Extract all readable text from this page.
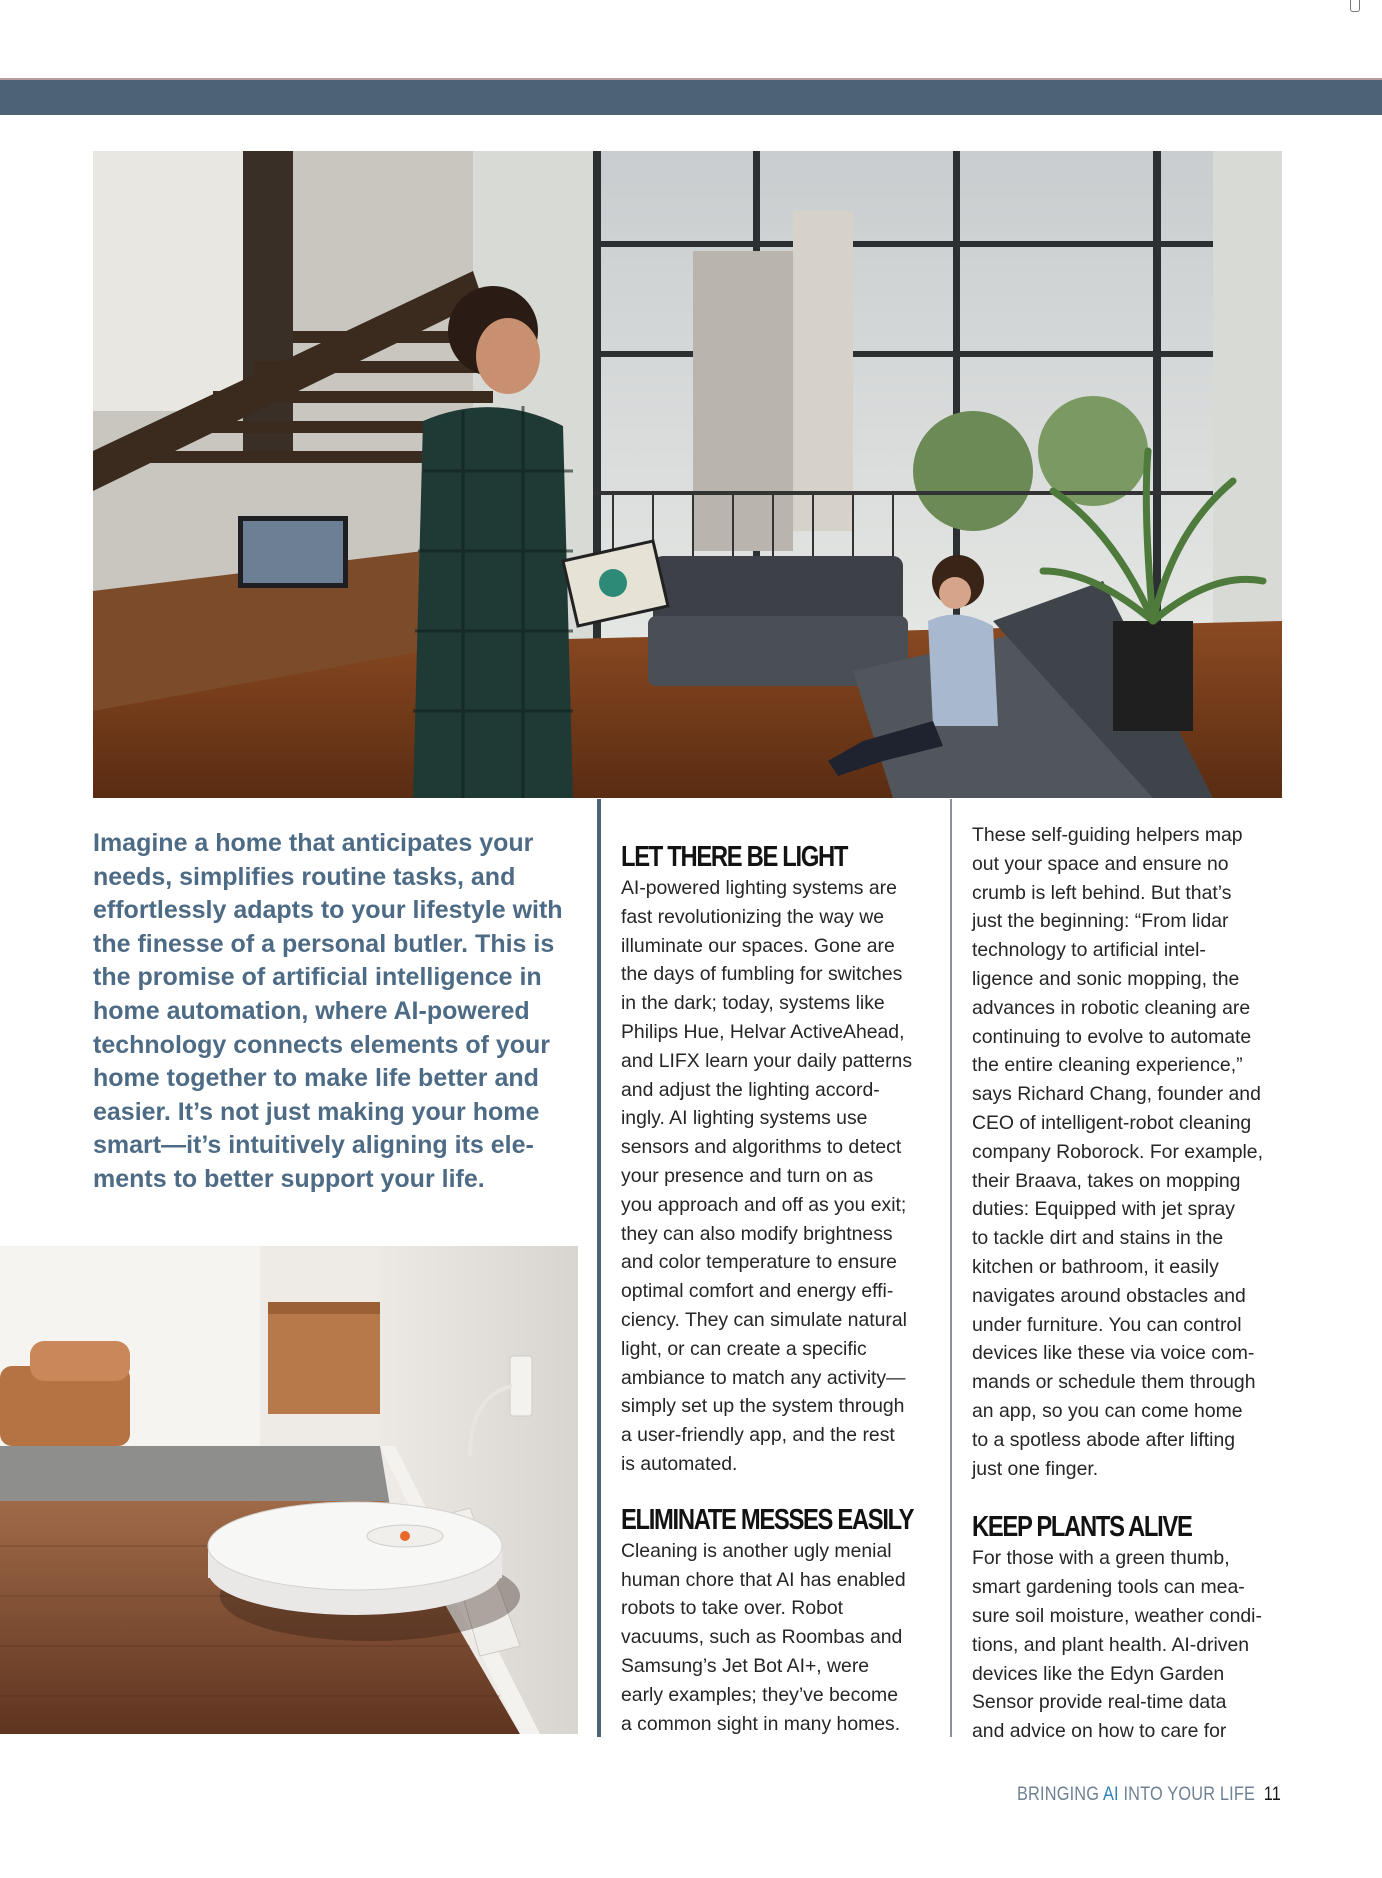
Imagine a home that anticipates your needs, simplifies routine tasks, and effortlessly adapts to your lifestyle with the finesse of a personal butler. This is the promise of artificial intelligence in home automation, where AI-powered technology connects elements of your home together to make life better and easier. It’s not just making your home smart—it’s intuitively aligning its ele- ments to better support your life.

LET THERE BE LIGHT

AI-powered lighting systems are
fast revolutionizing the way we
illuminate our spaces. Gone are
the days of fumbling for switches
in the dark; today, systems like
Philips Hue, Helvar ActiveAhead,
and LIFX learn your daily patterns
and adjust the lighting accord-
ingly. AI lighting systems use
sensors and algorithms to detect
your presence and turn on as
you approach and off as you exit;
they can also modify brightness
and color temperature to ensure
optimal comfort and energy effi-
ciency. They can simulate natural
light, or can create a specific
ambiance to match any activity—
simply set up the system through
a user-friendly app, and the rest
is automated.

ELIMINATE MESSES EASILY

Cleaning is another ugly menial
human chore that AI has enabled
robots to take over. Robot
vacuums, such as Roombas and
Samsung’s Jet Bot AI+, were
early examples; they’ve become
a common sight in many homes.

These self-guiding helpers map
out your space and ensure no
crumb is left behind. But that’s
just the beginning: “From lidar
technology to artificial intel-
ligence and sonic mopping, the
advances in robotic cleaning are
continuing to evolve to automate
the entire cleaning experience,”
says Richard Chang, founder and
CEO of intelligent-robot cleaning
company Roborock. For example,
their Braava, takes on mopping
duties: Equipped with jet spray
to tackle dirt and stains in the
kitchen or bathroom, it easily
navigates around obstacles and
under furniture. You can control
devices like these via voice com-
mands or schedule them through
an app, so you can come home
to a spotless abode after lifting
just one finger.

KEEP PLANTS ALIVE

For those with a green thumb,
smart gardening tools can mea-
sure soil moisture, weather condi-
tions, and plant health. AI-driven
devices like the Edyn Garden
Sensor provide real-time data
and advice on how to care for

BRINGING AI INTO YOUR LIFE 11
